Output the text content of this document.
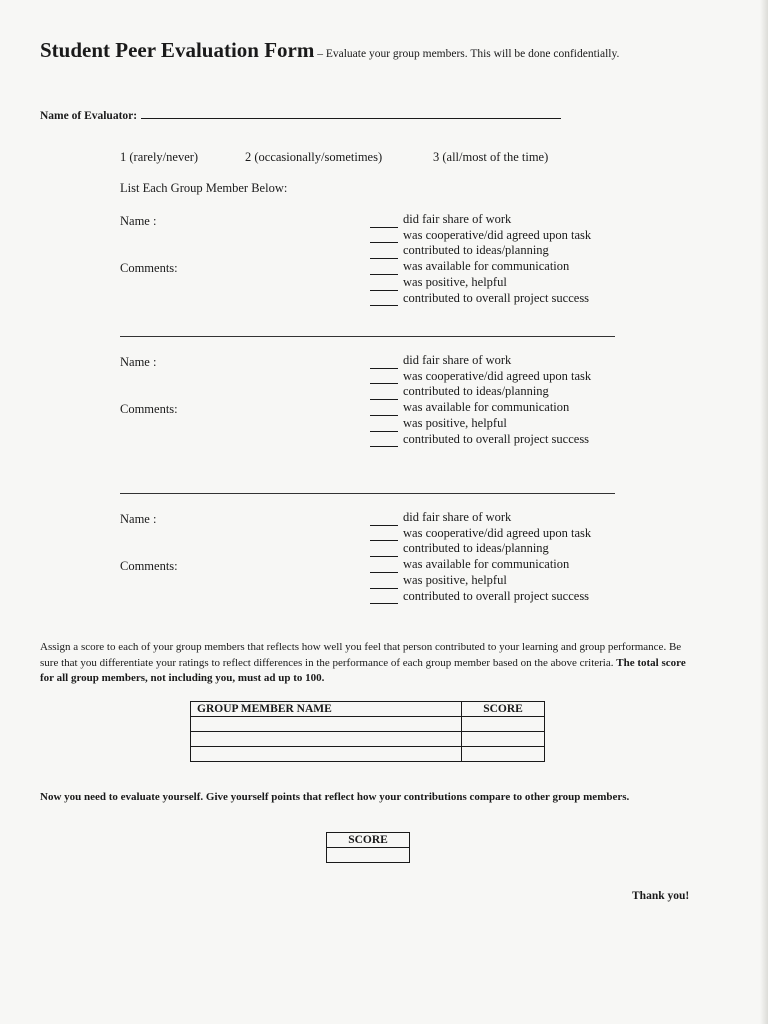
Student Peer Evaluation Form – Evaluate your group members. This will be done confidentially.
Name of Evaluator:
1 (rarely/never)	2 (occasionally/sometimes)	3 (all/most of the time)
List Each Group Member Below:
Name :
Comments:
did fair share of work
was cooperative/did agreed upon task
contributed to ideas/planning
was available for communication
was positive, helpful
contributed to overall project success
Name :
Comments:
did fair share of work
was cooperative/did agreed upon task
contributed to ideas/planning
was available for communication
was positive, helpful
contributed to overall project success
Name :
Comments:
did fair share of work
was cooperative/did agreed upon task
contributed to ideas/planning
was available for communication
was positive, helpful
contributed to overall project success
Assign a score to each of your group members that reflects how well you feel that person contributed to your learning and group performance. Be sure that you differentiate your ratings to reflect differences in the performance of each group member based on the above criteria. The total score for all group members, not including you, must ad up to 100.
GROUP MEMBER NAME	SCORE

Now you need to evaluate yourself. Give yourself points that reflect how your contributions compare to other group members.
SCORE

Thank you!
